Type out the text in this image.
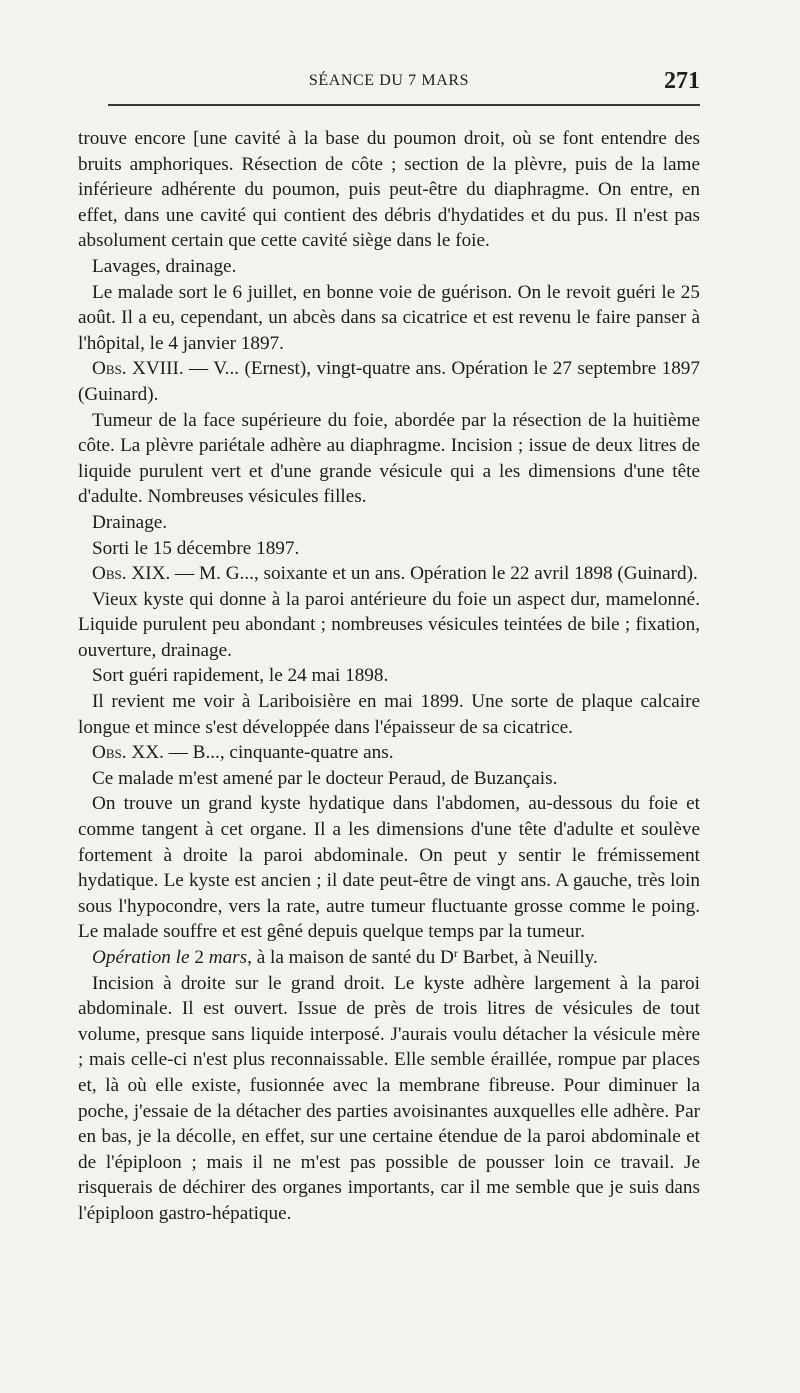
SÉANCE DU 7 MARS	271

trouve encore [une cavité à la base du poumon droit, où se font entendre des bruits amphoriques. Résection de côte ; section de la plèvre, puis de la lame inférieure adhérente du poumon, puis peut-être du diaphragme. On entre, en effet, dans une cavité qui contient des débris d'hydatides et du pus. Il n'est pas absolument certain que cette cavité siège dans le foie.

Lavages, drainage.

Le malade sort le 6 juillet, en bonne voie de guérison. On le revoit guéri le 25 août. Il a eu, cependant, un abcès dans sa cicatrice et est revenu le faire panser à l'hôpital, le 4 janvier 1897.

Obs. XVIII. — V... (Ernest), vingt-quatre ans. Opération le 27 septembre 1897 (Guinard).

Tumeur de la face supérieure du foie, abordée par la résection de la huitième côte. La plèvre pariétale adhère au diaphragme. Incision ; issue de deux litres de liquide purulent vert et d'une grande vésicule qui a les dimensions d'une tête d'adulte. Nombreuses vésicules filles.

Drainage.

Sorti le 15 décembre 1897.

Obs. XIX. — M. G..., soixante et un ans. Opération le 22 avril 1898 (Guinard).

Vieux kyste qui donne à la paroi antérieure du foie un aspect dur, mamelonné. Liquide purulent peu abondant ; nombreuses vésicules teintées de bile ; fixation, ouverture, drainage.

Sort guéri rapidement, le 24 mai 1898.

Il revient me voir à Lariboisière en mai 1899. Une sorte de plaque calcaire longue et mince s'est développée dans l'épaisseur de sa cicatrice.

Obs. XX. — B..., cinquante-quatre ans.

Ce malade m'est amené par le docteur Peraud, de Buzançais.

On trouve un grand kyste hydatique dans l'abdomen, au-dessous du foie et comme tangent à cet organe. Il a les dimensions d'une tête d'adulte et soulève fortement à droite la paroi abdominale. On peut y sentir le frémissement hydatique. Le kyste est ancien ; il date peut-être de vingt ans. A gauche, très loin sous l'hypocondre, vers la rate, autre tumeur fluctuante grosse comme le poing. Le malade souffre et est gêné depuis quelque temps par la tumeur.

Opération le 2 mars, à la maison de santé du $D^r$ Barbet, à Neuilly.

Incision à droite sur le grand droit. Le kyste adhère largement à la paroi abdominale. Il est ouvert. Issue de près de trois litres de vésicules de tout volume, presque sans liquide interposé. J'aurais voulu détacher la vésicule mère ; mais celle-ci n'est plus reconnaissable. Elle semble éraillée, rompue par places et, là où elle existe, fusionnée avec la membrane fibreuse. Pour diminuer la poche, j'essaie de la détacher des parties avoisinantes auxquelles elle adhère. Par en bas, je la décolle, en effet, sur une certaine étendue de la paroi abdominale et de l'épiploon ; mais il ne m'est pas possible de pousser loin ce travail. Je risquerais de déchirer des organes importants, car il me semble que je suis dans l'épiploon gastro-hépatique.
